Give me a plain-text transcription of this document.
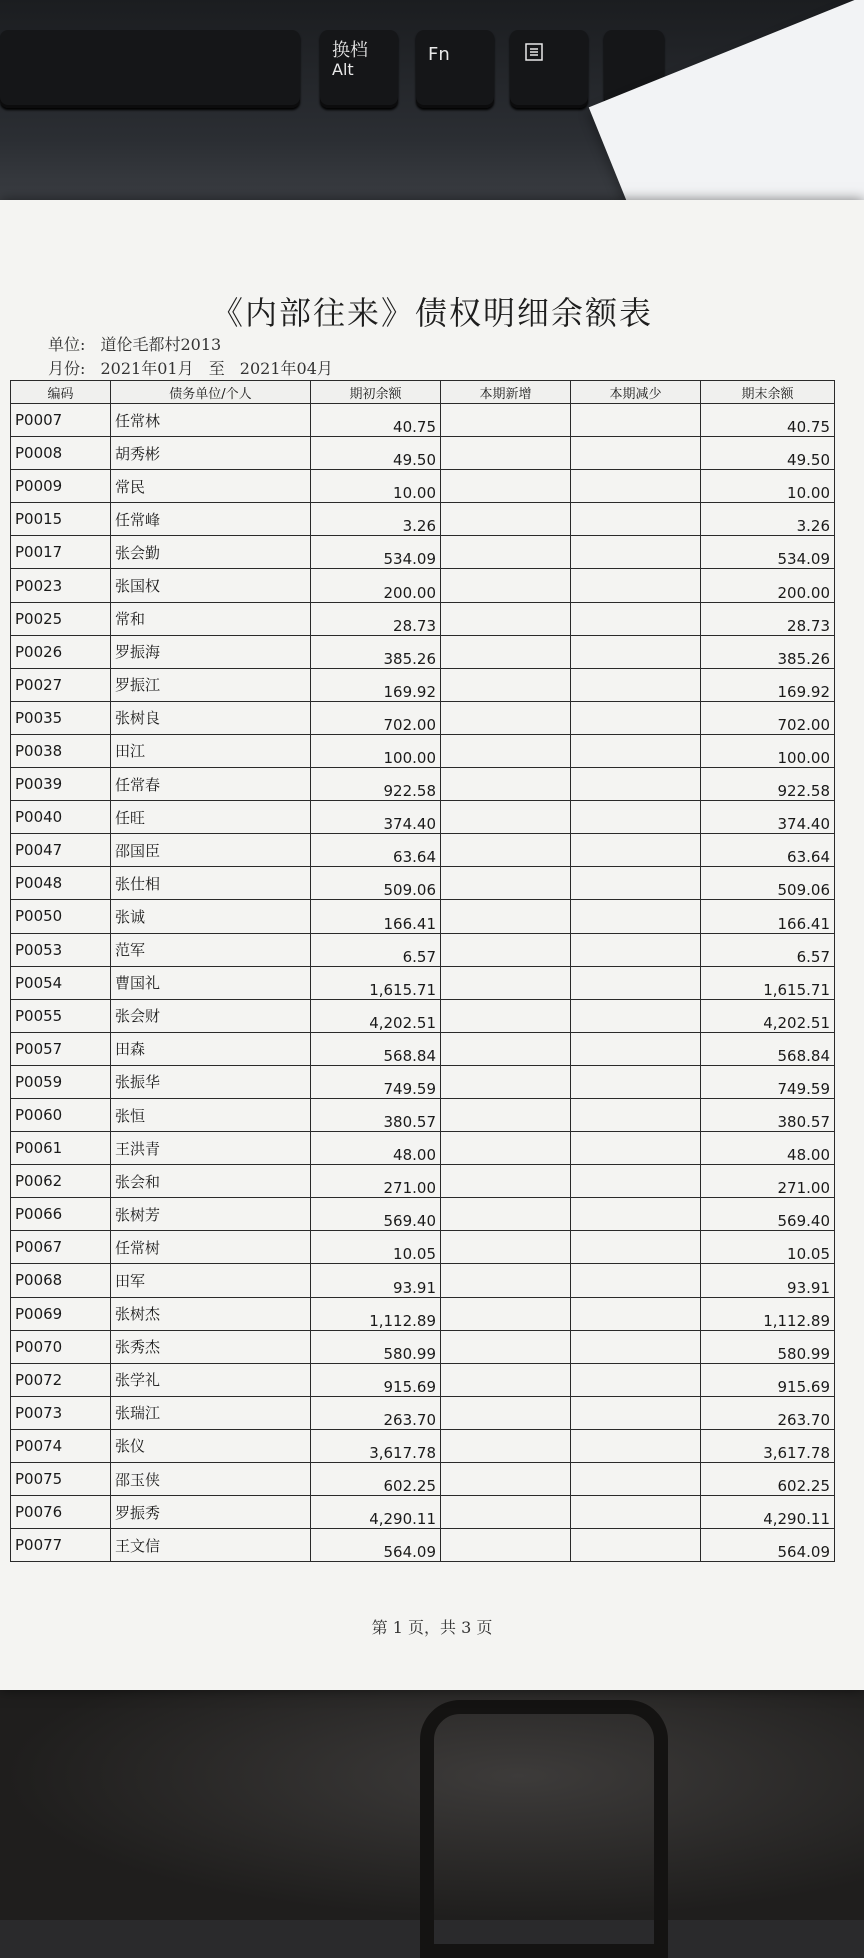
换档
Alt
Fn
《内部往来》债权明细余额表
单位: 道伦毛都村2013
月份: 2021年01月 至 2021年04月
编码	债务单位/个人	期初余额	本期新增	本期减少	期末余额
P0007	任常林	40.75			40.75
P0008	胡秀彬	49.50			49.50
P0009	常民	10.00			10.00
P0015	任常峰	3.26			3.26
P0017	张会勤	534.09			534.09
P0023	张国权	200.00			200.00
P0025	常和	28.73			28.73
P0026	罗振海	385.26			385.26
P0027	罗振江	169.92			169.92
P0035	张树良	702.00			702.00
P0038	田江	100.00			100.00
P0039	任常春	922.58			922.58
P0040	任旺	374.40			374.40
P0047	邵国臣	63.64			63.64
P0048	张仕相	509.06			509.06
P0050	张诚	166.41			166.41
P0053	范军	6.57			6.57
P0054	曹国礼	1,615.71			1,615.71
P0055	张会财	4,202.51			4,202.51
P0057	田森	568.84			568.84
P0059	张振华	749.59			749.59
P0060	张恒	380.57			380.57
P0061	王洪青	48.00			48.00
P0062	张会和	271.00			271.00
P0066	张树芳	569.40			569.40
P0067	任常树	10.05			10.05
P0068	田军	93.91			93.91
P0069	张树杰	1,112.89			1,112.89
P0070	张秀杰	580.99			580.99
P0072	张学礼	915.69			915.69
P0073	张瑞江	263.70			263.70
P0074	张仪	3,617.78			3,617.78
P0075	邵玉侠	602.25			602.25
P0076	罗振秀	4,290.11			4,290.11
P0077	王文信	564.09			564.09
第 1 页，共 3 页
